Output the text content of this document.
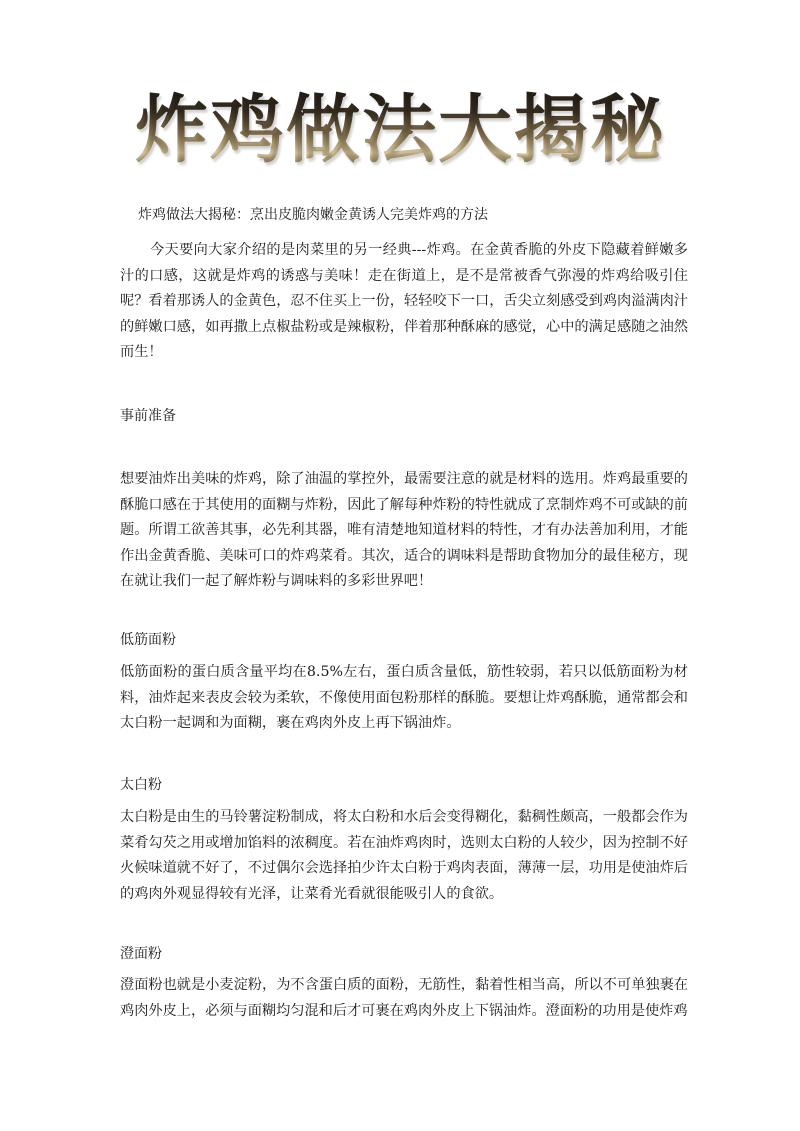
炸鸡做法大揭秘
炸鸡做法大揭秘：烹出皮脆肉嫩金黄诱人完美炸鸡的方法

今天要向大家介绍的是肉菜里的另一经典---炸鸡。在金黄香脆的外皮下隐藏着鲜嫩多汁的口感，这就是炸鸡的诱惑与美味！走在街道上，是不是常被香气弥漫的炸鸡给吸引住呢？看着那诱人的金黄色，忍不住买上一份，轻轻咬下一口，舌尖立刻感受到鸡肉溢满肉汁的鲜嫩口感，如再撒上点椒盐粉或是辣椒粉，伴着那种酥麻的感觉，心中的满足感随之油然而生！

事前准备

想要油炸出美味的炸鸡，除了油温的掌控外，最需要注意的就是材料的选用。炸鸡最重要的酥脆口感在于其使用的面糊与炸粉，因此了解每种炸粉的特性就成了烹制炸鸡不可或缺的前题。所谓工欲善其事，必先利其器，唯有清楚地知道材料的特性，才有办法善加利用，才能作出金黄香脆、美味可口的炸鸡菜肴。其次，适合的调味料是帮助食物加分的最佳秘方，现在就让我们一起了解炸粉与调味料的多彩世界吧！

低筋面粉

低筋面粉的蛋白质含量平均在8.5%左右，蛋白质含量低，筋性较弱，若只以低筋面粉为材料，油炸起来表皮会较为柔软，不像使用面包粉那样的酥脆。要想让炸鸡酥脆，通常都会和太白粉一起调和为面糊，裹在鸡肉外皮上再下锅油炸。

太白粉

太白粉是由生的马铃薯淀粉制成，将太白粉和水后会变得糊化，黏稠性颇高，一般都会作为菜肴勾芡之用或增加馅料的浓稠度。若在油炸鸡肉时，选则太白粉的人较少，因为控制不好火候味道就不好了，不过偶尔会选择拍少许太白粉于鸡肉表面，薄薄一层，功用是使油炸后的鸡肉外观显得较有光泽，让菜肴光看就很能吸引人的食欲。

澄面粉

澄面粉也就是小麦淀粉，为不含蛋白质的面粉，无筋性，黏着性相当高，所以不可单独裹在鸡肉外皮上，必须与面糊均匀混和后才可裹在鸡肉外皮上下锅油炸。澄面粉的功用是使炸鸡
